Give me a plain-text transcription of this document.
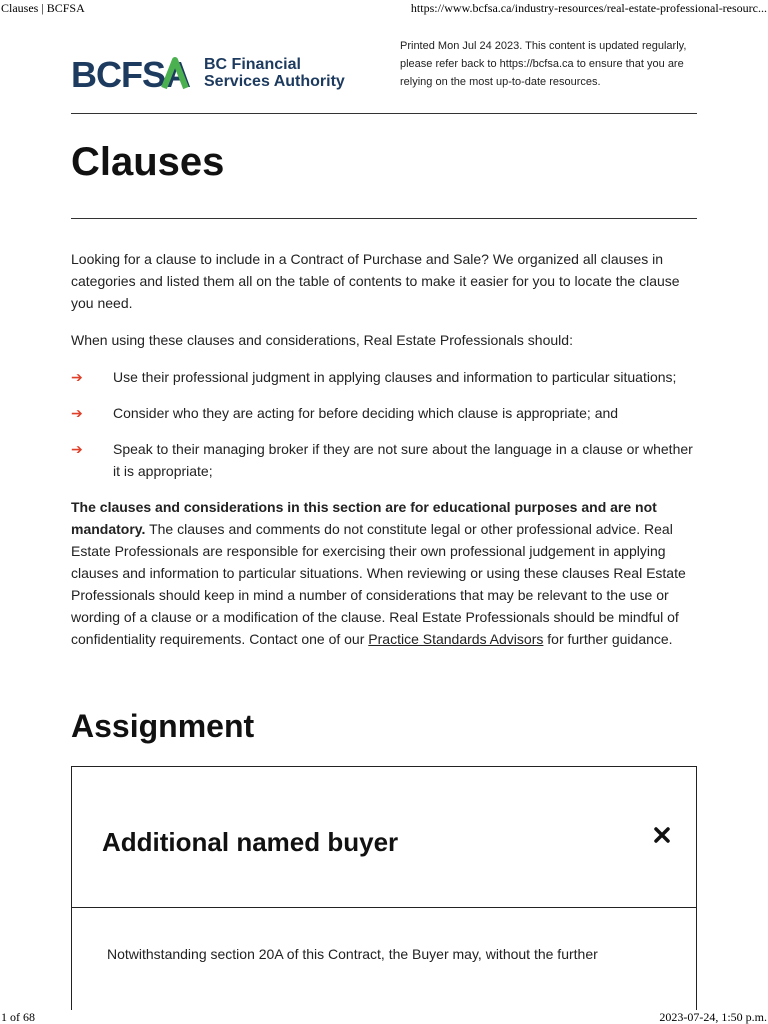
Clauses | BCFSA	https://www.bcfsa.ca/industry-resources/real-estate-professional-resourc...
BCFSA BC Financial
Services Authority
Printed Mon Jul 24 2023. This content is updated regularly, please refer back to https://bcfsa.ca to ensure that you are relying on the most up-to-date resources.
Clauses

Looking for a clause to include in a Contract of Purchase and Sale? We organized all clauses in categories and listed them all on the table of contents to make it easier for you to locate the clause you need.

When using these clauses and considerations, Real Estate Professionals should:

➔ Use their professional judgment in applying clauses and information to particular situations;
➔ Consider who they are acting for before deciding which clause is appropriate; and
➔ Speak to their managing broker if they are not sure about the language in a clause or whether it is appropriate;

The clauses and considerations in this section are for educational purposes and are not mandatory. The clauses and comments do not constitute legal or other professional advice. Real Estate Professionals are responsible for exercising their own professional judgement in applying clauses and information to particular situations. When reviewing or using these clauses Real Estate Professionals should keep in mind a number of considerations that may be relevant to the use or wording of a clause or a modification of the clause. Real Estate Professionals should be mindful of confidentiality requirements. Contact one of our Practice Standards Advisors for further guidance.

Assignment
Additional named buyer
Notwithstanding section 20A of this Contract, the Buyer may, without the further
1 of 68	2023-07-24, 1:50 p.m.
